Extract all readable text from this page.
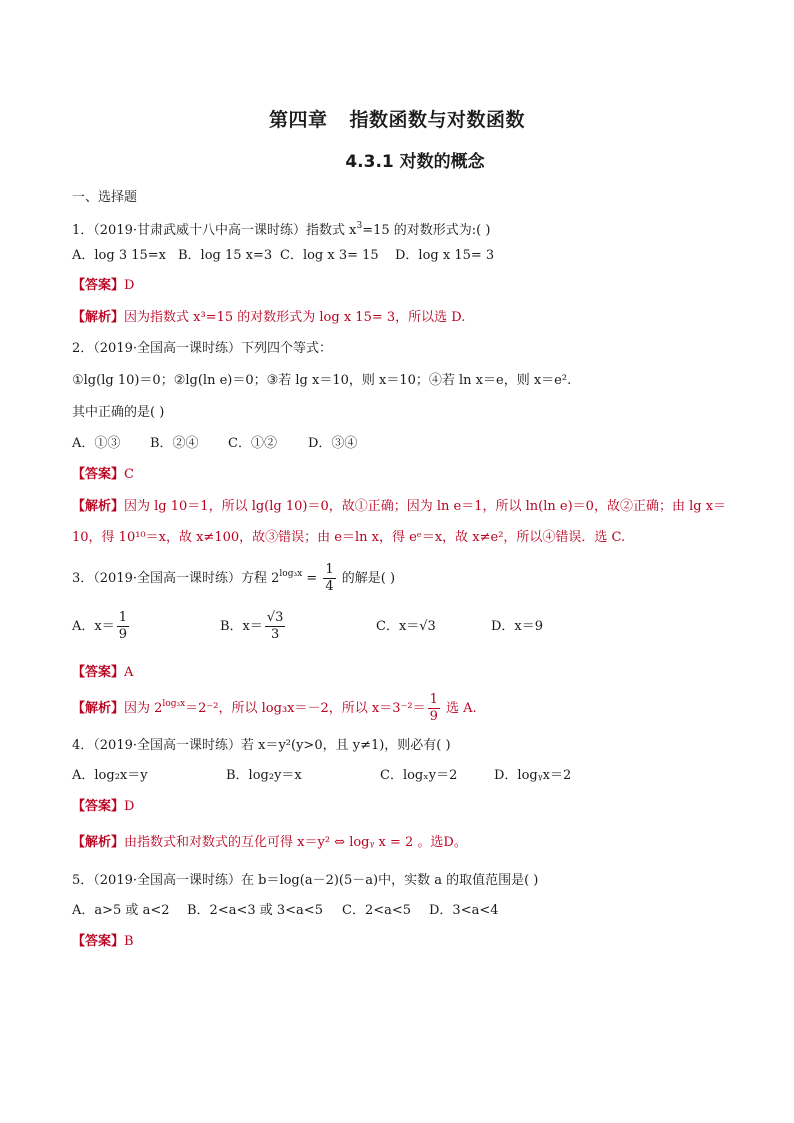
第四章 指数函数与对数函数
4.3.1 对数的概念
一、选择题
1．（2019·甘肃武威十八中高一课时练）指数式 $x^3=15$ 的对数形式为:( )
A．log 3 15=x B．log 15 x=3 C．log x 3= 15 D．log x 15= 3
【答案】D
【解析】因为指数式 x³=15 的对数形式为 log x 15= 3，所以选 D.
2．（2019·全国高一课时练）下列四个等式：
①lg(lg 10)＝0；②lg(ln e)＝0；③若 lg x＝10，则 x＝10；④若 ln x＝e，则 x＝e².
其中正确的是( )
A．①③ B．②④ C．①② D．③④
【答案】C
【解析】因为 lg 10＝1，所以 lg(lg 10)＝0，故①正确；因为 ln e＝1，所以 ln(ln e)＝0，故②正确；由 lg x＝
10，得 10¹⁰＝x，故 x≠100，故③错误；由 e＝ln x，得 eᵉ＝x，故 x≠e²，所以④错误．选 C.
3．（2019·全国高一课时练）方程 $2^{log_3x} = \frac{1}{4}$ 的解是( )
A．$x= \frac{1}{9}$	B．$x= \frac{√3}{3}$	C．x＝√3	D．x＝9
【答案】A
【解析】因为 $2^{log_3x}=2^{-2}$，所以 log₃x＝－2，所以 $x=3^{-2}= \frac{1}{9}$ 选 A.
4．（2019·全国高一课时练）若 x＝y²(y>0，且 y≠1)，则必有( )
A．log₂x＝y	B．log₂y＝x	C．logₓy＝2	D．logᵧx＝2
【答案】D
【解析】由指数式和对数式的互化可得 x＝y² ⇔ logᵧ x = 2 。选D。
5．（2019·全国高一课时练）在 b＝log(a－2)(5－a)中，实数 a 的取值范围是( )
A．a>5 或 a<2 B．2<a<3 或 3<a<5 C．2<a<5 D．3<a<4
【答案】B
